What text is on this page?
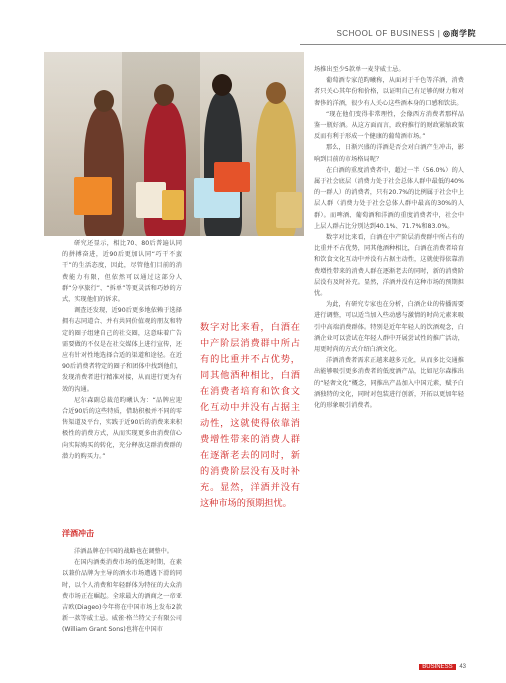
SCHOOL OF BUSINESS | ◎商学院

研究还显示，相比70、80后普遍认同的拼搏奋进，近90后更加认同“巧干不蛮干”的生活态度，因此，尽管他们目前的消费能力有限，但依然可以通过这部分人群“分享旅行”、“拆单”等更灵活和巧妙的方式，实现他们的诉求。

调查还发现，近90后更多地依赖于选择拥有志同道合、并有共同价值观的朋友和特定的圈子组建自己的社交圈，这意味着广告需要做的不仅是在社交媒体上进行宣传，还应有针对性地选择合适的渠道和途径。在近90后消费者特定的圈子和团体中找到他们，发现消费者进行精准对接，从而进行更为有效的沟通。

尼尔森副总裁范昀曦认为：“品牌应迎合近90后的这些特质，借助积极并不同的零售渠道及平台，实践于近90后的消费来来积极性的消费方式，从而实现更多由消费信心向实际购买的转化，充分释放这群消费群的潜力的购买力。”

洋酒冲击

洋酒品牌在中国的战略也在调整中。

在国内酒类消费市场的低迷时期，在素以兼价品牌为主导的酒水市场遭遇下滑的同时，以个人消费和年轻群体为特征的大众消费市场正在崛起。全球最大的酒商之一帝亚吉欧(Diageo)今年将在中国市场上发布2款新一款等威士忌。威雀·格兰特父子有限公司(William Grant Sons)也将在中国市

数字对比来看，白酒在中产阶层消费群中所占有的比重并不占优势，同其他酒种相比，白酒在消费者培育和饮食文化互动中并没有占据主动性，这就使得依靠消费增性带来的消费人群在逐渐老去的同时，新的消费阶层没有及时补充。显然，洋酒并没有这种市场的预期担忧。

场推出至少5款单一麦芽威士忌。

葡萄酒专家范昀曦称，从面对于千色等洋酒，消费者只关心其年份和价格，以证明自己有足够的财力和对奢侈的洋酒，很少有人关心这些酒本身的口感和饮法。

“现在他们变得非常理性，会像西方消费者那样品鉴一瓶好酒。从这方面而言，政府推行的财政紧缩政策反而有利于形成一个健康的葡萄酒市场。”

那么，日渐兴盛的洋酒是否会对白酒产生冲击，影响到目前的市场格局呢？

在白酒的重度消费者中，超过一半（56.0%）的人属于社会底层（消费力处于社会总体人群中最低的40%的一群人）的消费者，只有20.7%的比例属于社会中上层人群（消费力处于社会总体人群中最高的30%的人群）。而啤酒、葡萄酒和洋酒的重度消费者中，社会中上层人群占比分别达到40.1%、71.7%和83.0%。

数字对比来看，白酒在中产阶层消费群中所占有的比重并不占优势，同其他酒种相比，白酒在消费者培育和饮食文化互动中并没有占据主动性，这就使得依靠消费增性带来的消费人群在逐渐老去的同时，新的消费阶层没有及时补充。显然，洋酒并没有这种市场的预期担忧。

为此，有研究专家也在分析，白酒企业的传播需要进行调整，可以适当加入些动感与激情的时尚元素来吸引中高端消费群体。特别是近年年轻人的饮酒观念，白酒企业可以尝试在年轻人群中开展尝试性的推广活动，用更时尚的方式介绍白酒文化。

洋酒消费者需求正越来越多元化，从而多比交通推出能够吸引更多消费者的低度酒产品，比如尼尔森推出的“轻奢文化”概念，同推出产品加入中国元素，赋予白酒独特的文化，同时对包装进行创新，开拓以更加年轻化的形象吸引消费者。

BUSINESS 43
